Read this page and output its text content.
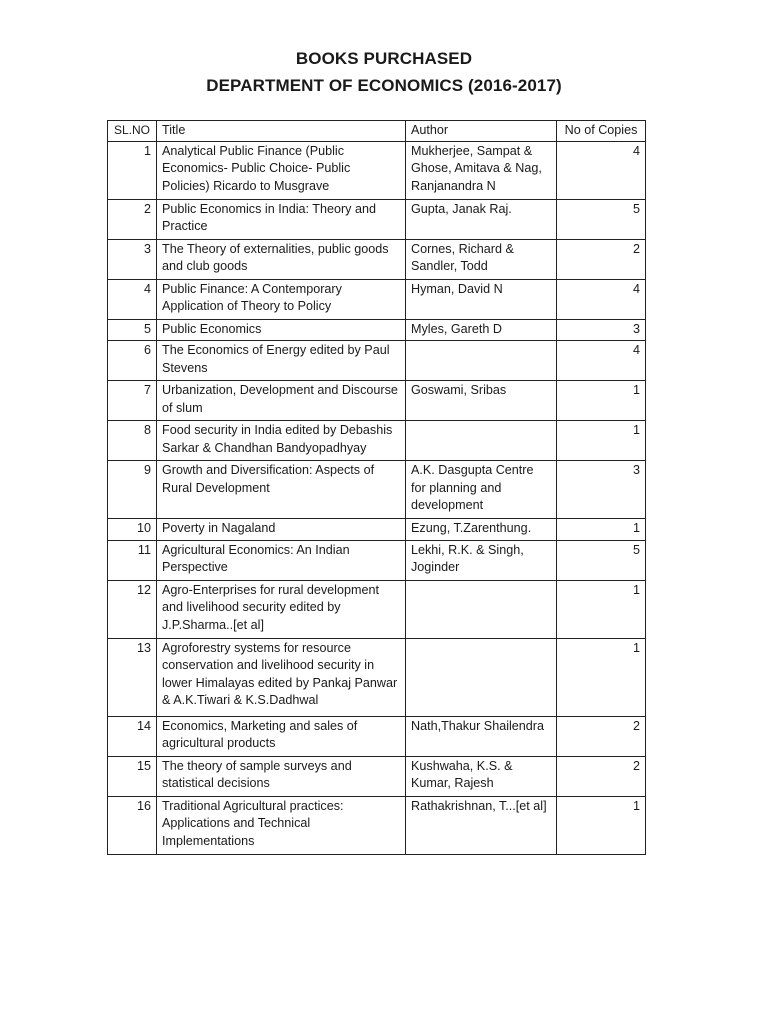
BOOKS PURCHASED
DEPARTMENT OF ECONOMICS (2016-2017)
SL.NO	Title	Author	No of Copies
1	Analytical Public Finance (Public Economics- Public Choice- Public Policies) Ricardo to Musgrave	Mukherjee, Sampat & Ghose, Amitava & Nag, Ranjanandra N	4
2	Public Economics in India: Theory and Practice	Gupta, Janak Raj.	5
3	The Theory of externalities, public goods and club goods	Cornes, Richard & Sandler, Todd	2
4	Public Finance: A Contemporary Application of Theory to Policy	Hyman, David N	4
5	Public Economics	Myles, Gareth D	3
6	The Economics of Energy edited by Paul Stevens		4
7	Urbanization, Development and Discourse of slum	Goswami, Sribas	1
8	Food security in India edited by Debashis Sarkar & Chandhan Bandyopadhyay		1
9	Growth and Diversification: Aspects of Rural Development	A.K. Dasgupta Centre for planning and development	3
10	Poverty in Nagaland	Ezung, T.Zarenthung.	1
11	Agricultural Economics: An Indian Perspective	Lekhi, R.K. & Singh, Joginder	5
12	Agro-Enterprises for rural development and livelihood security edited by J.P.Sharma..[et al]		1
13	Agroforestry systems for resource conservation and livelihood security in lower Himalayas edited by Pankaj Panwar & A.K.Tiwari & K.S.Dadhwal		1
14	Economics, Marketing and sales of agricultural products	Nath,Thakur Shailendra	2
15	The theory of sample surveys and statistical decisions	Kushwaha, K.S. & Kumar, Rajesh	2
16	Traditional Agricultural practices: Applications and Technical Implementations	Rathakrishnan, T...[et al]	1
